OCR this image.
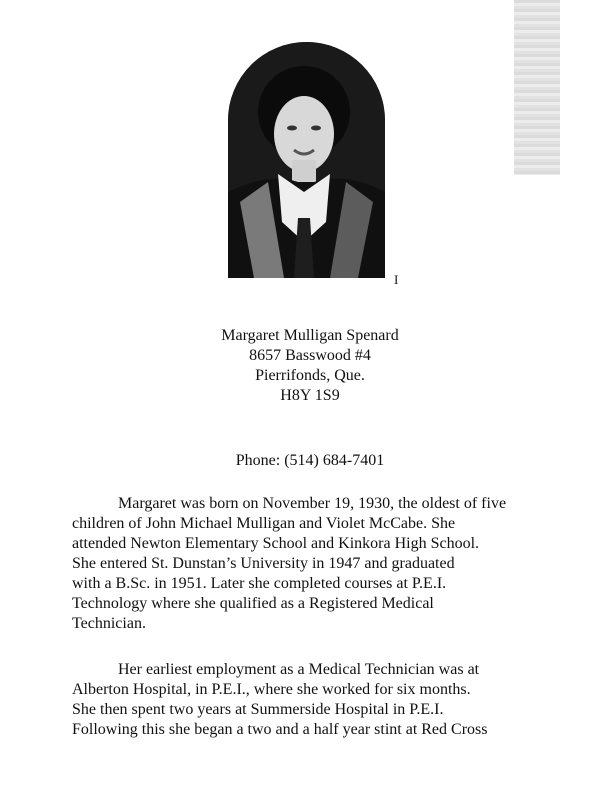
I
Margaret Mulligan Spenard
8657 Basswood #4
Pierrifonds, Que.
H8Y 1S9
Phone: (514) 684-7401
Margaret was born on November 19, 1930, the oldest of five
children of John Michael Mulligan and Violet McCabe. She
attended Newton Elementary School and Kinkora High School.
She entered St. Dunstan’s University in 1947 and graduated
with a B.Sc. in 1951. Later she completed courses at P.E.I.
Technology where she qualified as a Registered Medical
Technician.
Her earliest employment as a Medical Technician was at
Alberton Hospital, in P.E.I., where she worked for six months.
She then spent two years at Summerside Hospital in P.E.I.
Following this she began a two and a half year stint at Red Cross
